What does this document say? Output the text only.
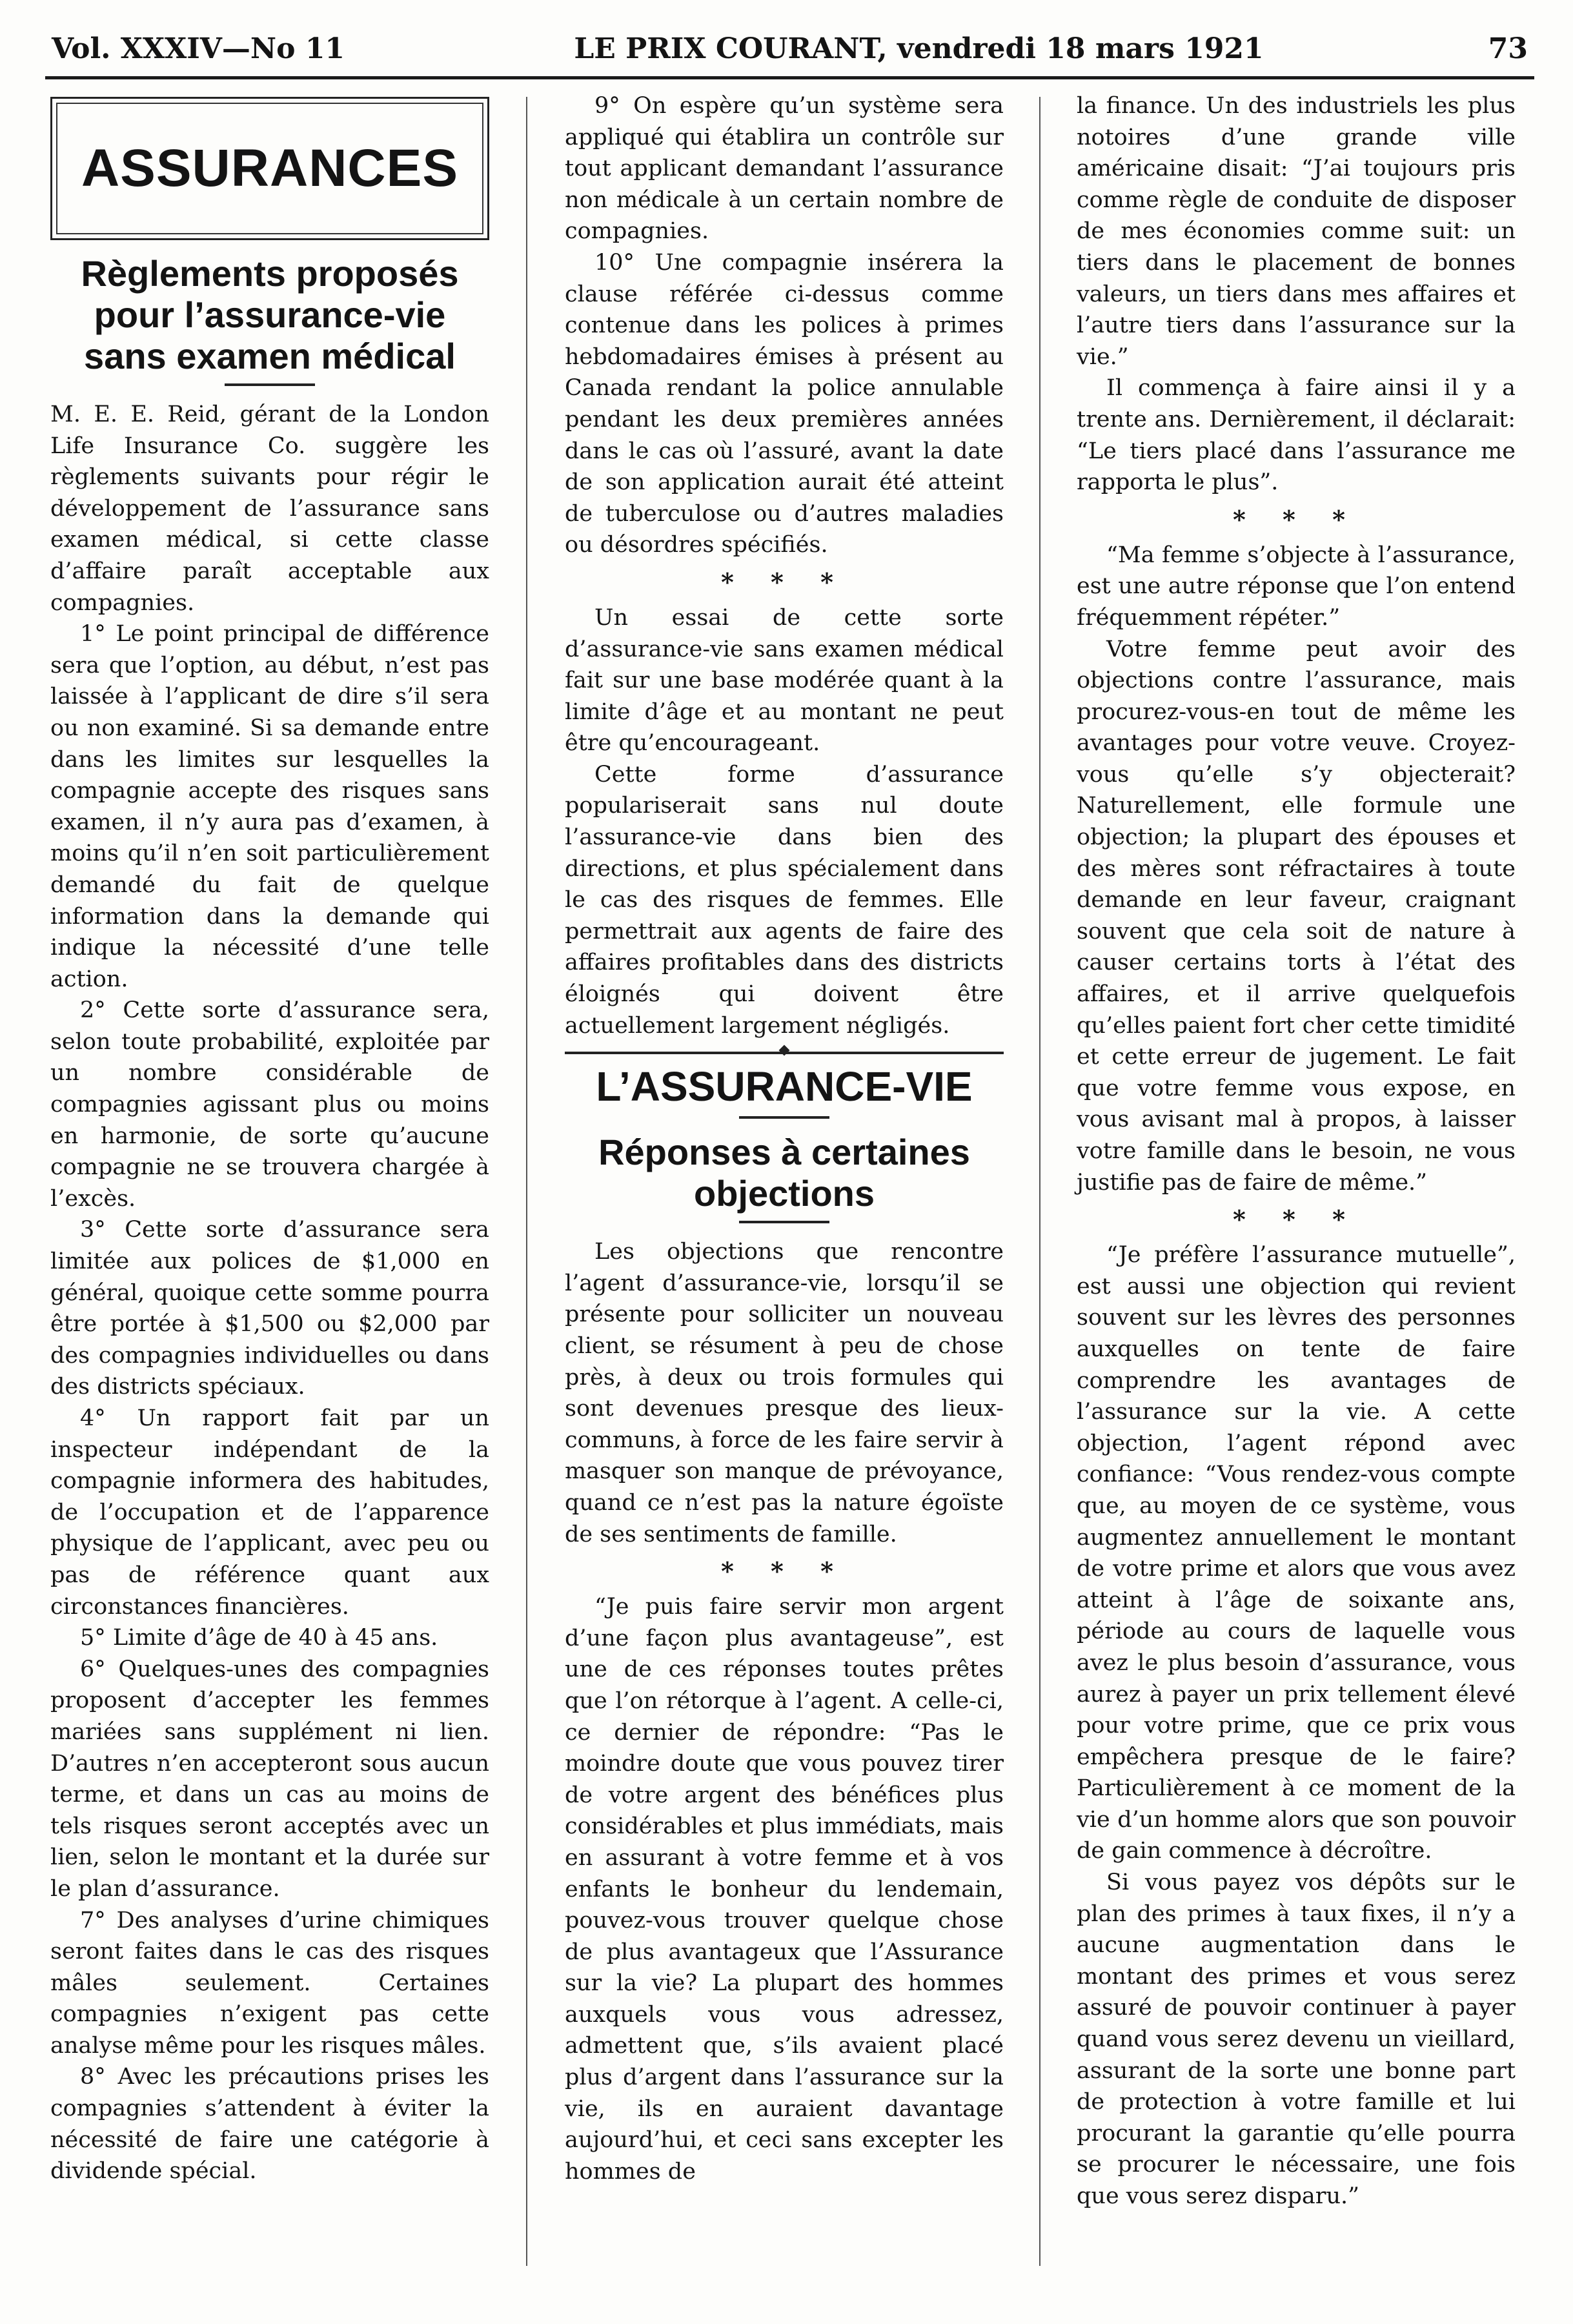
Vol. XXXIV—No 11	LE PRIX COURANT, vendredi 18 mars 1921	73
ASSURANCES
Règlements proposés pour l’assurance-vie sans examen médical

M. E. E. Reid, gérant de la London Life Insurance Co. suggère les règlements suivants pour régir le développement de l’assurance sans examen médical, si cette classe d’affaire paraît acceptable aux compagnies.

1° Le point principal de différence sera que l’option, au début, n’est pas laissée à l’applicant de dire s’il sera ou non examiné. Si sa demande entre dans les limites sur lesquelles la compagnie accepte des risques sans examen, il n’y aura pas d’examen, à moins qu’il n’en soit particulièrement demandé du fait de quelque information dans la demande qui indique la nécessité d’une telle action.

2° Cette sorte d’assurance sera, selon toute probabilité, exploitée par un nombre considérable de compagnies agissant plus ou moins en harmonie, de sorte qu’aucune compagnie ne se trouvera chargée à l’excès.

3° Cette sorte d’assurance sera limitée aux polices de $1,000 en général, quoique cette somme pourra être portée à $1,500 ou $2,000 par des compagnies individuelles ou dans des districts spéciaux.

4° Un rapport fait par un inspecteur indépendant de la compagnie informera des habitudes, de l’occupation et de l’apparence physique de l’applicant, avec peu ou pas de référence quant aux circonstances financières.

5° Limite d’âge de 40 à 45 ans.

6° Quelques-unes des compagnies proposent d’accepter les femmes mariées sans supplément ni lien. D’autres n’en accepteront sous aucun terme, et dans un cas au moins de tels risques seront acceptés avec un lien, selon le montant et la durée sur le plan d’assurance.

7° Des analyses d’urine chimiques seront faites dans le cas des risques mâles seulement. Certaines compagnies n’exigent pas cette analyse même pour les risques mâles.

8° Avec les précautions prises les compagnies s’attendent à éviter la nécessité de faire une catégorie à dividende spécial.

9° On espère qu’un système sera appliqué qui établira un contrôle sur tout applicant demandant l’assurance non médicale à un certain nombre de compagnies.

10° Une compagnie insérera la clause référée ci-dessus comme contenue dans les polices à primes hebdomadaires émises à présent au Canada rendant la police annulable pendant les deux premières années dans le cas où l’assuré, avant la date de son application aurait été atteint de tuberculose ou d’autres maladies ou désordres spécifiés.

* * *

Un essai de cette sorte d’assurance-vie sans examen médical fait sur une base modérée quant à la limite d’âge et au montant ne peut être qu’encourageant.

Cette forme d’assurance populariserait sans nul doute l’assurance-vie dans bien des directions, et plus spécialement dans le cas des risques de femmes. Elle permettrait aux agents de faire des affaires profitables dans des districts éloignés qui doivent être actuellement largement négligés.

L’ASSURANCE-VIE
Réponses à certaines objections

Les objections que rencontre l’agent d’assurance-vie, lorsqu’il se présente pour solliciter un nouveau client, se résument à peu de chose près, à deux ou trois formules qui sont devenues presque des lieux-communs, à force de les faire servir à masquer son manque de prévoyance, quand ce n’est pas la nature égoïste de ses sentiments de famille.

* * *

“Je puis faire servir mon argent d’une façon plus avantageuse”, est une de ces réponses toutes prêtes que l’on rétorque à l’agent. A celle-ci, ce dernier de répondre: “Pas le moindre doute que vous pouvez tirer de votre argent des bénéfices plus considérables et plus immédiats, mais en assurant à votre femme et à vos enfants le bonheur du lendemain, pouvez-vous trouver quelque chose de plus avantageux que l’Assurance sur la vie? La plupart des hommes auxquels vous vous adressez, admettent que, s’ils avaient placé plus d’argent dans l’assurance sur la vie, ils en auraient davantage aujourd’hui, et ceci sans excepter les hommes de

la finance. Un des industriels les plus notoires d’une grande ville américaine disait: “J’ai toujours pris comme règle de conduite de disposer de mes économies comme suit: un tiers dans le placement de bonnes valeurs, un tiers dans mes affaires et l’autre tiers dans l’assurance sur la vie.”

Il commença à faire ainsi il y a trente ans. Dernièrement, il déclarait: “Le tiers placé dans l’assurance me rapporta le plus”.

* * *

“Ma femme s’objecte à l’assurance, est une autre réponse que l’on entend fréquemment répéter.”

Votre femme peut avoir des objections contre l’assurance, mais procurez-vous-en tout de même les avantages pour votre veuve. Croyez-vous qu’elle s’y objecterait? Naturellement, elle formule une objection; la plupart des épouses et des mères sont réfractaires à toute demande en leur faveur, craignant souvent que cela soit de nature à causer certains torts à l’état des affaires, et il arrive quelquefois qu’elles paient fort cher cette timidité et cette erreur de jugement. Le fait que votre femme vous expose, en vous avisant mal à propos, à laisser votre famille dans le besoin, ne vous justifie pas de faire de même.”

* * *

“Je préfère l’assurance mutuelle”, est aussi une objection qui revient souvent sur les lèvres des personnes auxquelles on tente de faire comprendre les avantages de l’assurance sur la vie. A cette objection, l’agent répond avec confiance: “Vous rendez-vous compte que, au moyen de ce système, vous augmentez annuellement le montant de votre prime et alors que vous avez atteint à l’âge de soixante ans, période au cours de laquelle vous avez le plus besoin d’assurance, vous aurez à payer un prix tellement élevé pour votre prime, que ce prix vous empêchera presque de le faire? Particulièrement à ce moment de la vie d’un homme alors que son pouvoir de gain commence à décroître.

Si vous payez vos dépôts sur le plan des primes à taux fixes, il n’y a aucune augmentation dans le montant des primes et vous serez assuré de pouvoir continuer à payer quand vous serez devenu un vieillard, assurant de la sorte une bonne part de protection à votre famille et lui procurant la garantie qu’elle pourra se procurer le nécessaire, une fois que vous serez disparu.”
